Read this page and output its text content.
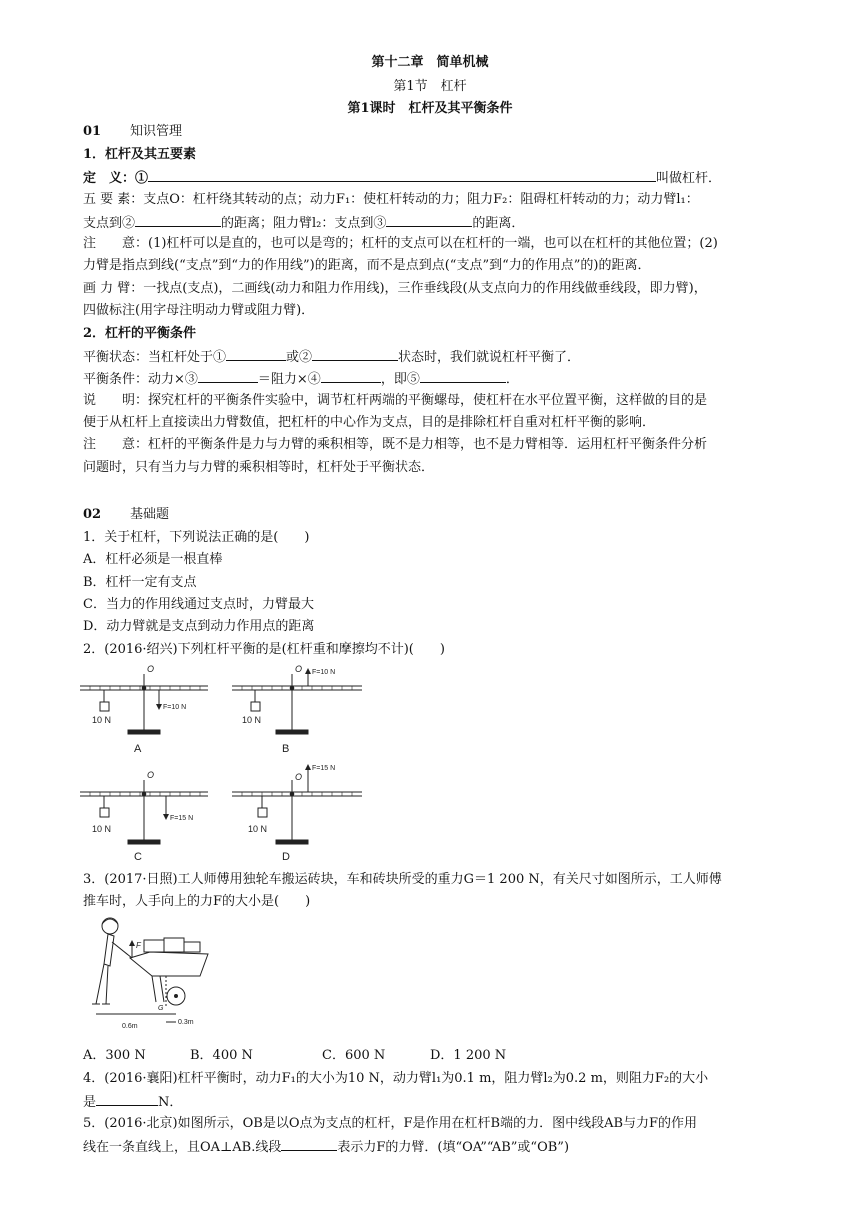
第十二章　简单机械
第1节　杠杆
第1课时　杠杆及其平衡条件
01 知识管理
1．杠杆及其五要素
定　义：①	叫做杠杆．
五 要 素：支点O：杠杆绕其转动的点；动力F₁：使杠杆转动的力；阻力F₂：阻碍杠杆转动的力；动力臂l₁：
支点到②	的距离；阻力臂l₂：支点到③	的距离．
注　　意：(1)杠杆可以是直的，也可以是弯的；杠杆的支点可以在杠杆的一端，也可以在杠杆的其他位置；(2)
力臂是指点到线(“支点”到“力的作用线”)的距离，而不是点到点(“支点”到“力的作用点”的)的距离．
画 力 臂：一找点(支点)，二画线(动力和阻力作用线)，三作垂线段(从支点向力的作用线做垂线段，即力臂)，
四做标注(用字母注明动力臂或阻力臂)．
2．杠杆的平衡条件
平衡状态：当杠杆处于①	或②	状态时，我们就说杠杆平衡了．
平衡条件：动力×③	＝阻力×④	，即⑤	．
说　　明：探究杠杆的平衡条件实验中，调节杠杆两端的平衡螺母，使杠杆在水平位置平衡，这样做的目的是
便于从杠杆上直接读出力臂数值，把杠杆的中心作为支点，目的是排除杠杆自重对杠杆平衡的影响．
注　　意：杠杆的平衡条件是力与力臂的乘积相等，既不是力相等，也不是力臂相等．运用杠杆平衡条件分析
问题时，只有当力与力臂的乘积相等时，杠杆处于平衡状态．
02 基础题
1．关于杠杆，下列说法正确的是(　　)
A．杠杆必须是一根直棒
B．杠杆一定有支点
C．当力的作用线通过支点时，力臂最大
D．动力臂就是支点到动力作用点的距离
2．(2016·绍兴)下列杠杆平衡的是(杠杆重和摩擦均不计)(　　)
O
10 N
F=10 N
A
O F=10 N
10 N
B
O
F=15 N
10 N
C
O
F=15 N
10 N
D
3．(2017·日照)工人师傅用独轮车搬运砖块，车和砖块所受的重力G＝1 200 N，有关尺寸如图所示，工人师傅
推车时，人手向上的力F的大小是(　　)
F
G
0.6m
0.3m
A．300 N	B．400 N	C．600 N	D．1 200 N
4．(2016·襄阳)杠杆平衡时，动力F₁的大小为10 N，动力臂l₁为0.1 m，阻力臂l₂为0.2 m，则阻力F₂的大小
是	N．
5．(2016·北京)如图所示，OB是以O点为支点的杠杆，F是作用在杠杆B端的力．图中线段AB与力F的作用
线在一条直线上，且OA⊥AB.线段	表示力F的力臂．(填“OA”“AB”或“OB”)
